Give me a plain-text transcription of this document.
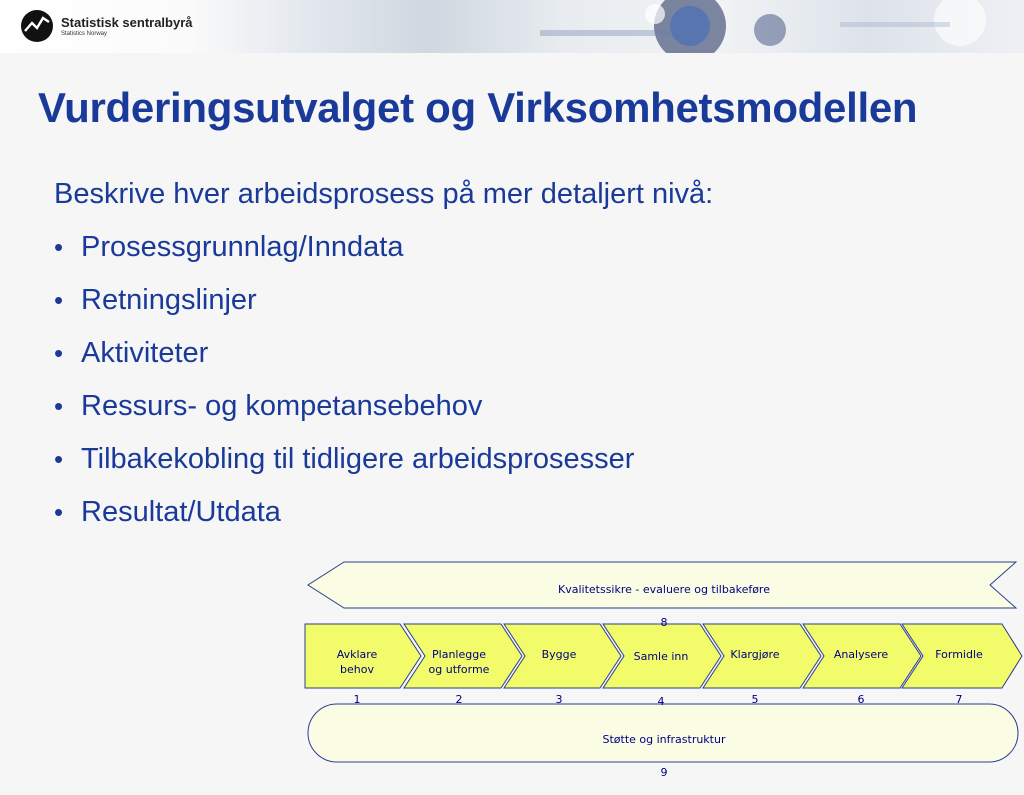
Statistisk sentralbyrå
Statistics Norway
Vurderingsutvalget og Virksomhetsmodellen

Beskrive hver arbeidsprosess på mer detaljert nivå:

• Prosessgrunnlag/Inndata
• Retningslinjer
• Aktiviteter
• Ressurs- og kompetansebehov
• Tilbakekobling til tidligere arbeidsprosesser
• Resultat/Utdata

Kvalitetssikre - evaluere og tilbakeføre

8

Avklare
behov

1

Planlegge
og utforme

2

Bygge

3

Samle inn

4

Klargjøre

5

Analysere

6

Formidle

7

Støtte og infrastruktur

9
